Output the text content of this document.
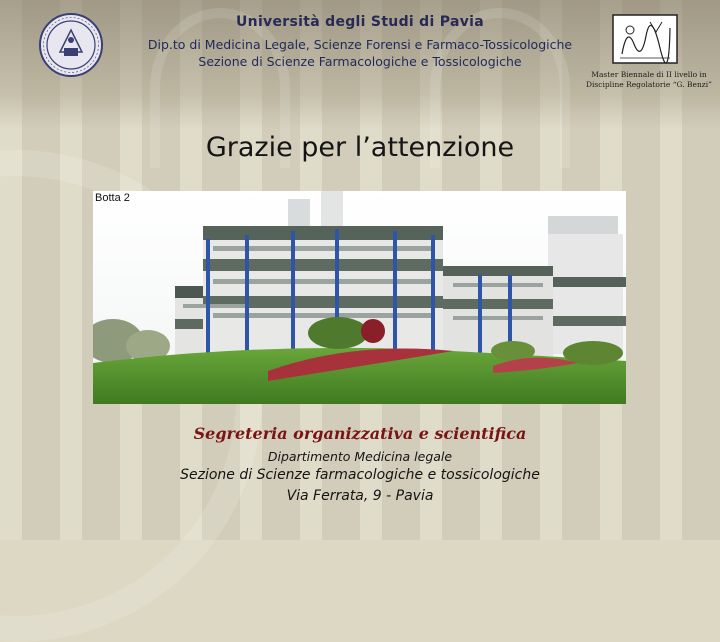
Università degli Studi di Pavia
Dip.to di Medicina Legale, Scienze Forensi e Farmaco-Tossicologiche
Sezione di Scienze Farmacologiche e Tossicologiche
Master Biennale di II livello in
Discipline Regolatorie “G. Benzi”
Grazie per l’attenzione
Botta 2
Segreteria organizzativa e scientifica
Dipartimento Medicina legale
Sezione di Scienze farmacologiche e tossicologiche
Via Ferrata, 9 - Pavia
